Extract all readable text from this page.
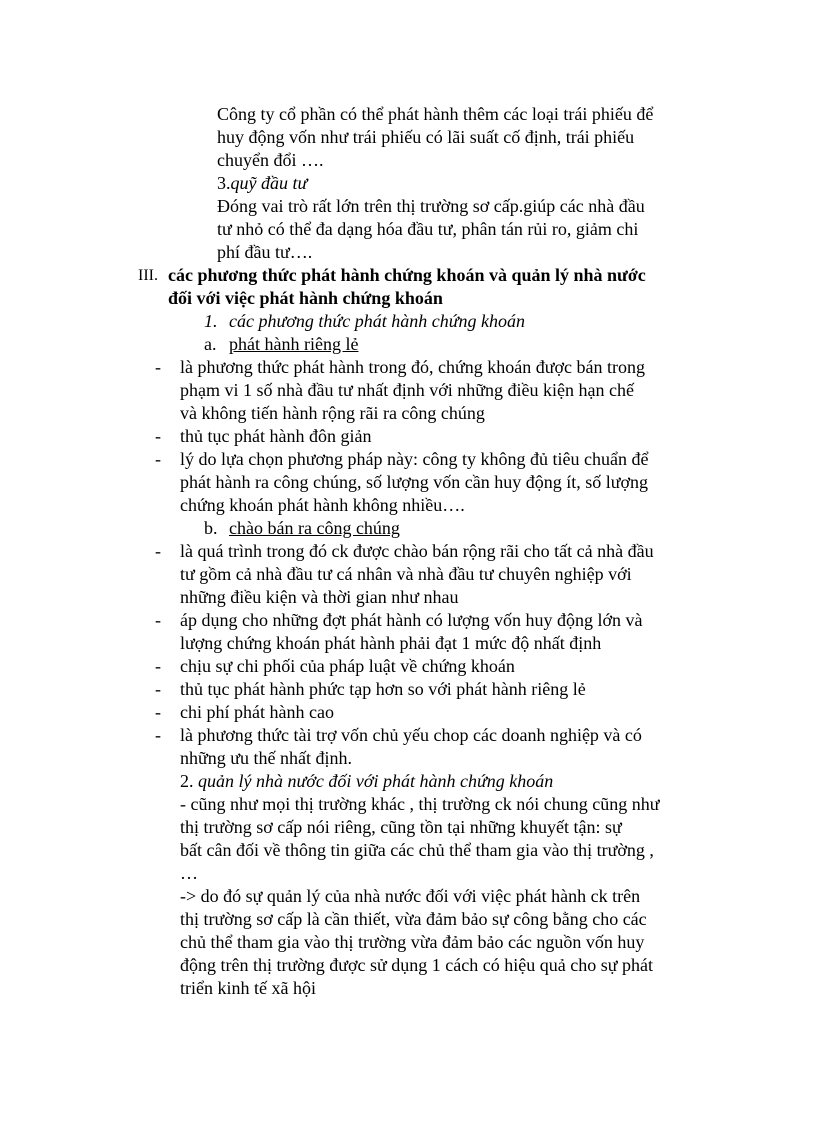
Công ty cổ phần có thể phát hành thêm các loại trái phiếu để
huy động vốn như trái phiếu có lãi suất cố định, trái phiếu
chuyển đổi ….
3.quỹ đầu tư
Đóng vai trò rất lớn trên thị trường sơ cấp.giúp các nhà đầu
tư nhỏ có thể đa dạng hóa đầu tư, phân tán rủi ro, giảm chi
phí đầu tư….
III. các phương thức phát hành chứng khoán và quản lý nhà nước
đối với việc phát hành chứng khoán
1. các phương thức phát hành chứng khoán
a. phát hành riêng lẻ
- là phương thức phát hành trong đó, chứng khoán được bán trong
phạm vi 1 số nhà đầu tư nhất định với những điều kiện hạn chế
và không tiến hành rộng rãi ra công chúng
- thủ tục phát hành đôn giản
- lý do lựa chọn phương pháp này: công ty không đủ tiêu chuẩn để
phát hành ra công chúng, số lượng vốn cần huy động ít, số lượng
chứng khoán phát hành không nhiều….
b. chào bán ra công chúng
- là quá trình trong đó ck được chào bán rộng rãi cho tất cả nhà đầu
tư gồm cả nhà đầu tư cá nhân và nhà đầu tư chuyên nghiệp với
những điều kiện và thời gian như nhau
- áp dụng cho những đợt phát hành có lượng vốn huy động lớn và
lượng chứng khoán phát hành phải đạt 1 mức độ nhất định
- chịu sự chi phối của pháp luật về chứng khoán
- thủ tục phát hành phức tạp hơn so với phát hành riêng lẻ
- chi phí phát hành cao
- là phương thức tài trợ vốn chủ yếu chop các doanh nghiệp và có
những ưu thế nhất định.
2. quản lý nhà nước đối với phát hành chứng khoán
- cũng như mọi thị trường khác , thị trường ck nói chung cũng như
thị trường sơ cấp nói riêng, cũng tồn tại những khuyết tận: sự
bất cân đối về thông tin giữa các chủ thể tham gia vào thị trường ,
…
-> do đó sự quản lý của nhà nước đối với việc phát hành ck trên
thị trường sơ cấp là cần thiết, vừa đảm bảo sự công bằng cho các
chủ thể tham gia vào thị trường vừa đảm bảo các nguồn vốn huy
động trên thị trường được sử dụng 1 cách có hiệu quả cho sự phát
triển kinh tế xã hội
